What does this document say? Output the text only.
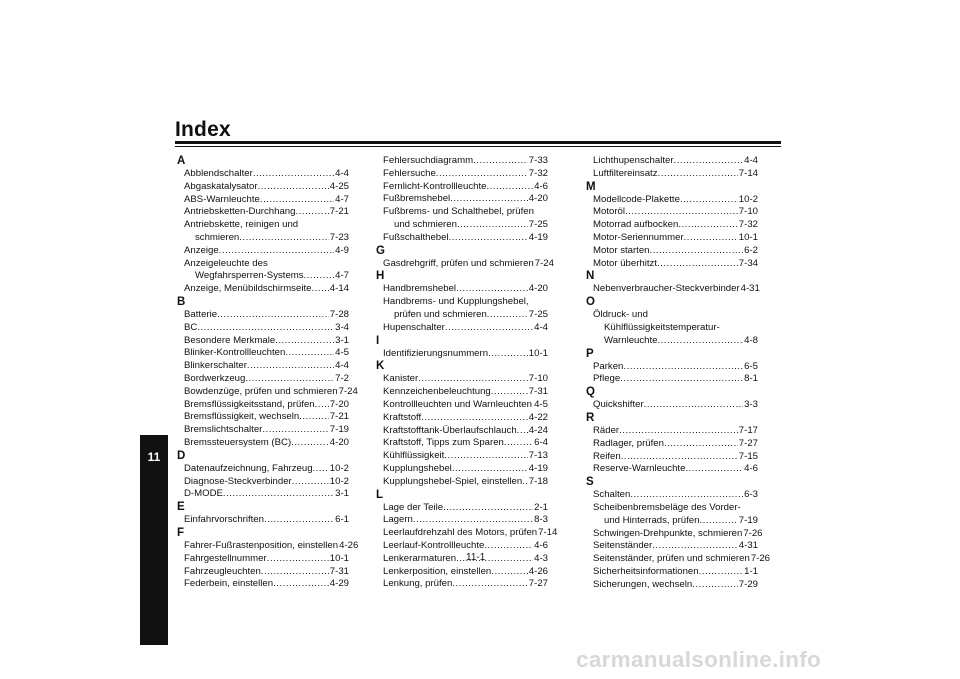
Index
11
A
Abblendschalter .....	4-4
Abgaskatalysator .....	4-25
ABS-Warnleuchte .....	4-7
Antriebsketten-Durchhang .....	7-21
Antriebskette, reinigen und
schmieren .....	7-23
Anzeige .....	4-9
Anzeigeleuchte des
Wegfahrsperren-Systems .....	4-7
Anzeige, Menübildschirmseite ..... 4-14
B
Batterie .....	7-28
BC .....	3-4
Besondere Merkmale .....	3-1
Blinker-Kontrollleuchten .....	4-5
Blinkerschalter .....	4-4
Bordwerkzeug .....	7-2
Bowdenzüge, prüfen und schmieren 7-24
Bremsflüssigkeitsstand, prüfen ..... 7-20
Bremsflüssigkeit, wechseln .....	7-21
Bremslichtschalter .....	7-19
Bremssteuersystem (BC) .....	4-20
D
Datenaufzeichnung, Fahrzeug ..... 10-2
Diagnose-Steckverbinder .....	10-2
D-MODE .....	3-1
E
Einfahrvorschriften .....	6-1
F
Fahrer-Fußrastenposition, einstellen 4-26
Fahrgestellnummer .....	10-1
Fahrzeugleuchten .....	7-31
Federbein, einstellen .....	4-29
Fehlersuchdiagramm .....	7-33
Fehlersuche .....	7-32
Fernlicht-Kontrollleuchte .....	4-6
Fußbremshebel .....	4-20
Fußbrems- und Schalthebel, prüfen
und schmieren .....	7-25
Fußschalthebel .....	4-19
G
Gasdrehgriff, prüfen und schmieren 7-24
H
Handbremshebel .....	4-20
Handbrems- und Kupplungshebel,
prüfen und schmieren .....	7-25
Hupenschalter .....	4-4
I
Identifizierungsnummern .....	10-1
K
Kanister .....	7-10
Kennzeichenbeleuchtung .....	7-31
Kontrollleuchten und Warnleuchten ..... 4-5
Kraftstoff .....	4-22
Kraftstofftank-Überlaufschlauch ..... 4-24
Kraftstoff, Tipps zum Sparen .....	6-4
Kühlflüssigkeit .....	7-13
Kupplungshebel .....	4-19
Kupplungshebel-Spiel, einstellen ..... 7-18
L
Lage der Teile .....	2-1
Lagern .....	8-3
Leerlaufdrehzahl des Motors, prüfen 7-14
Leerlauf-Kontrollleuchte .....	4-6
Lenkerarmaturen .....	4-3
Lenkerposition, einstellen .....	4-26
Lenkung, prüfen .....	7-27
Lichthupenschalter .....	4-4
Luftfiltereinsatz .....	7-14
M
Modellcode-Plakette .....	10-2
Motoröl .....	7-10
Motorrad aufbocken .....	7-32
Motor-Seriennummer .....	10-1
Motor starten .....	6-2
Motor überhitzt .....	7-34
N
Nebenverbraucher-Steckverbinder 4-31
O
Öldruck- und
Kühlflüssigkeitstemperatur-
Warnleuchte .....	4-8
P
Parken .....	6-5
Pflege .....	8-1
Q
Quickshifter .....	3-3
R
Räder .....	7-17
Radlager, prüfen .....	7-27
Reifen .....	7-15
Reserve-Warnleuchte .....	4-6
S
Schalten .....	6-3
Scheibenbremsbeläge des Vorder-
und Hinterrads, prüfen .....	7-19
Schwingen-Drehpunkte, schmieren 7-26
Seitenständer .....	4-31
Seitenständer, prüfen und schmieren 7-26
Sicherheitsinformationen .....	1-1
Sicherungen, wechseln .....	7-29
11-1
carmanualsonline.info
